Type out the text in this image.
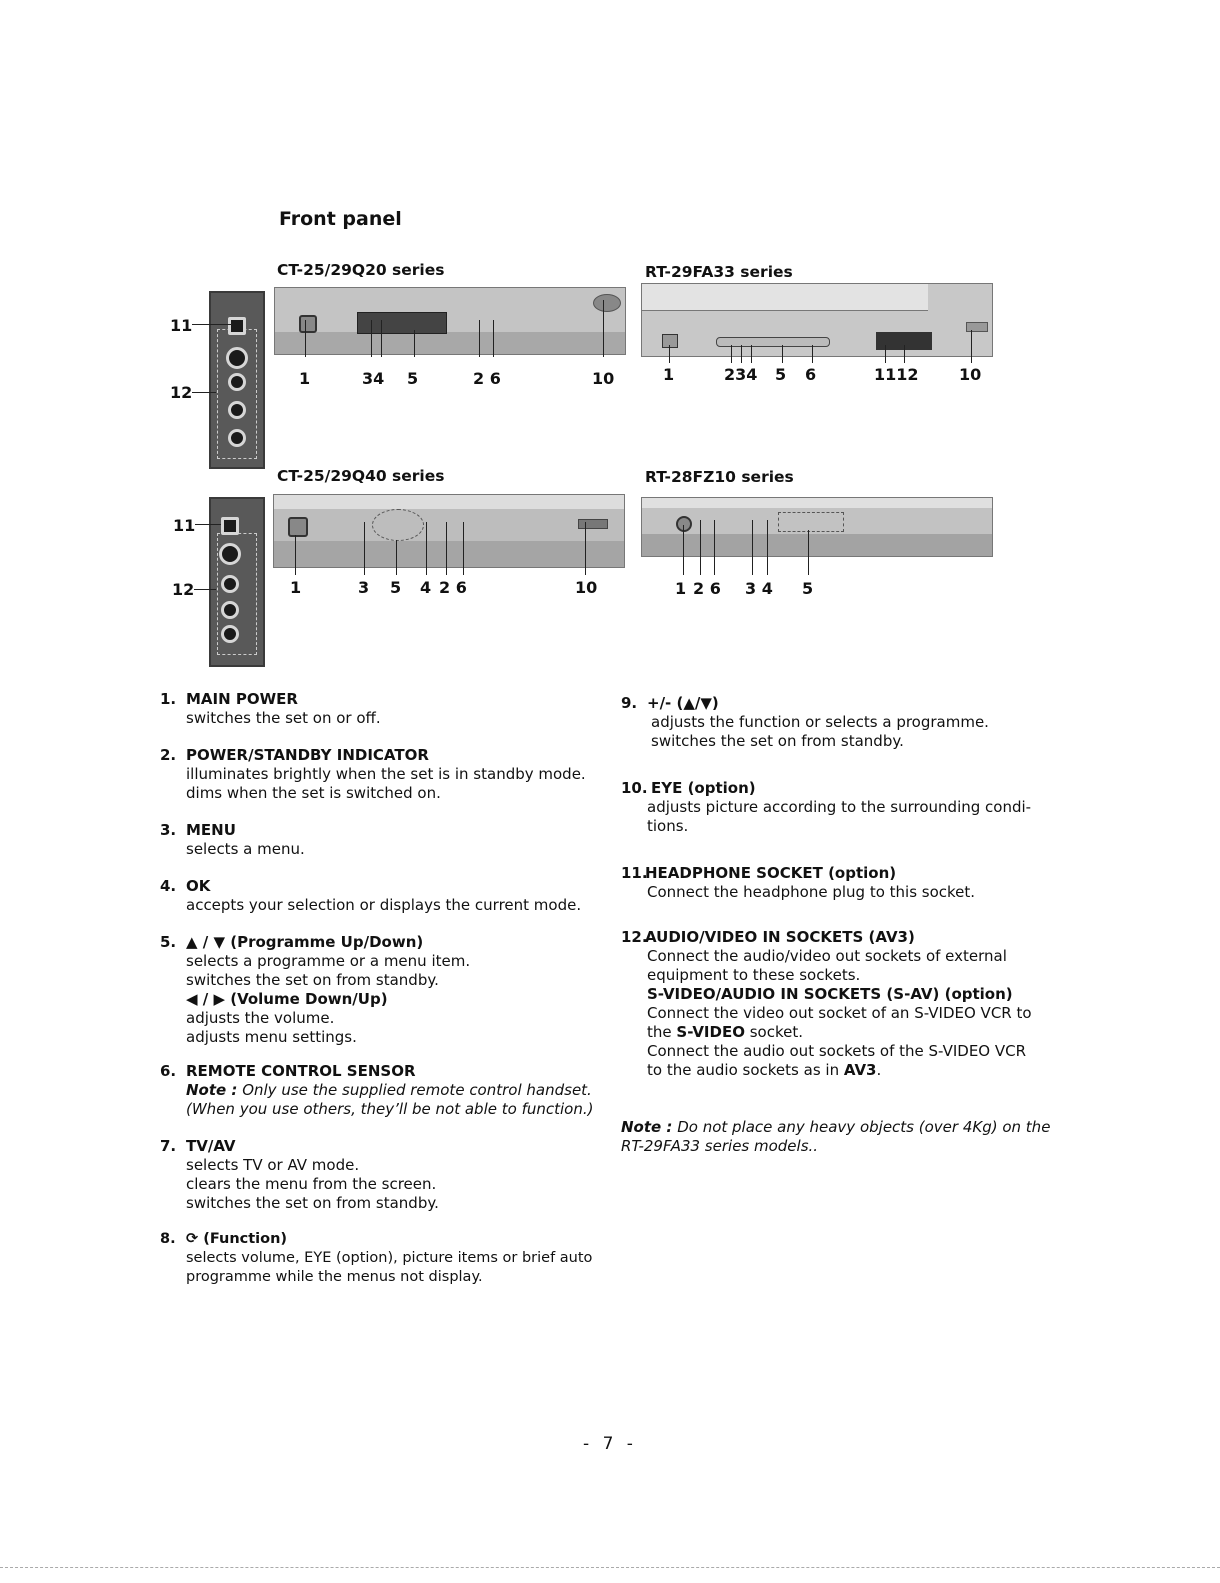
Front panel
CT-25/29Q20 series	RT-29FA33 series
CT-25/29Q40 series	RT-28FZ10 series
11
12
11
12
1	34 5	2 6	10	1	234 5 6	1112	10
1	3 5 4 2 6	10	1 2 6 3 4 5
1. MAIN POWER
switches the set on or off.
2. POWER/STANDBY INDICATOR
illuminates brightly when the set is in standby mode.
dims when the set is switched on.
3. MENU
selects a menu.
4. OK
accepts your selection or displays the current mode.
5. ▲ / ▼ (Programme Up/Down)
selects a programme or a menu item.
switches the set on from standby.
◀ / ▶ (Volume Down/Up)
adjusts the volume.
adjusts menu settings.
6. REMOTE CONTROL SENSOR
Note : Only use the supplied remote control handset.
(When you use others, they’ll be not able to function.)
7. TV/AV
selects TV or AV mode.
clears the menu from the screen.
switches the set on from standby.
8. ⟳ (Function)
selects volume, EYE (option), picture items or brief auto
programme while the menus not display.
9. +/- (▲/▼)
adjusts the function or selects a programme.
switches the set on from standby.
10. EYE (option)
adjusts picture according to the surrounding condi-
tions.
11.HEADPHONE SOCKET (option)
Connect the headphone plug to this socket.
12.AUDIO/VIDEO IN SOCKETS (AV3)
Connect the audio/video out sockets of external
equipment to these sockets.
S-VIDEO/AUDIO IN SOCKETS (S-AV) (option)
Connect the video out socket of an S-VIDEO VCR to
the S-VIDEO socket.
Connect the audio out sockets of the S-VIDEO VCR
to the audio sockets as in AV3.
Note : Do not place any heavy objects (over 4Kg) on the
RT-29FA33 series models..
- 7 -
